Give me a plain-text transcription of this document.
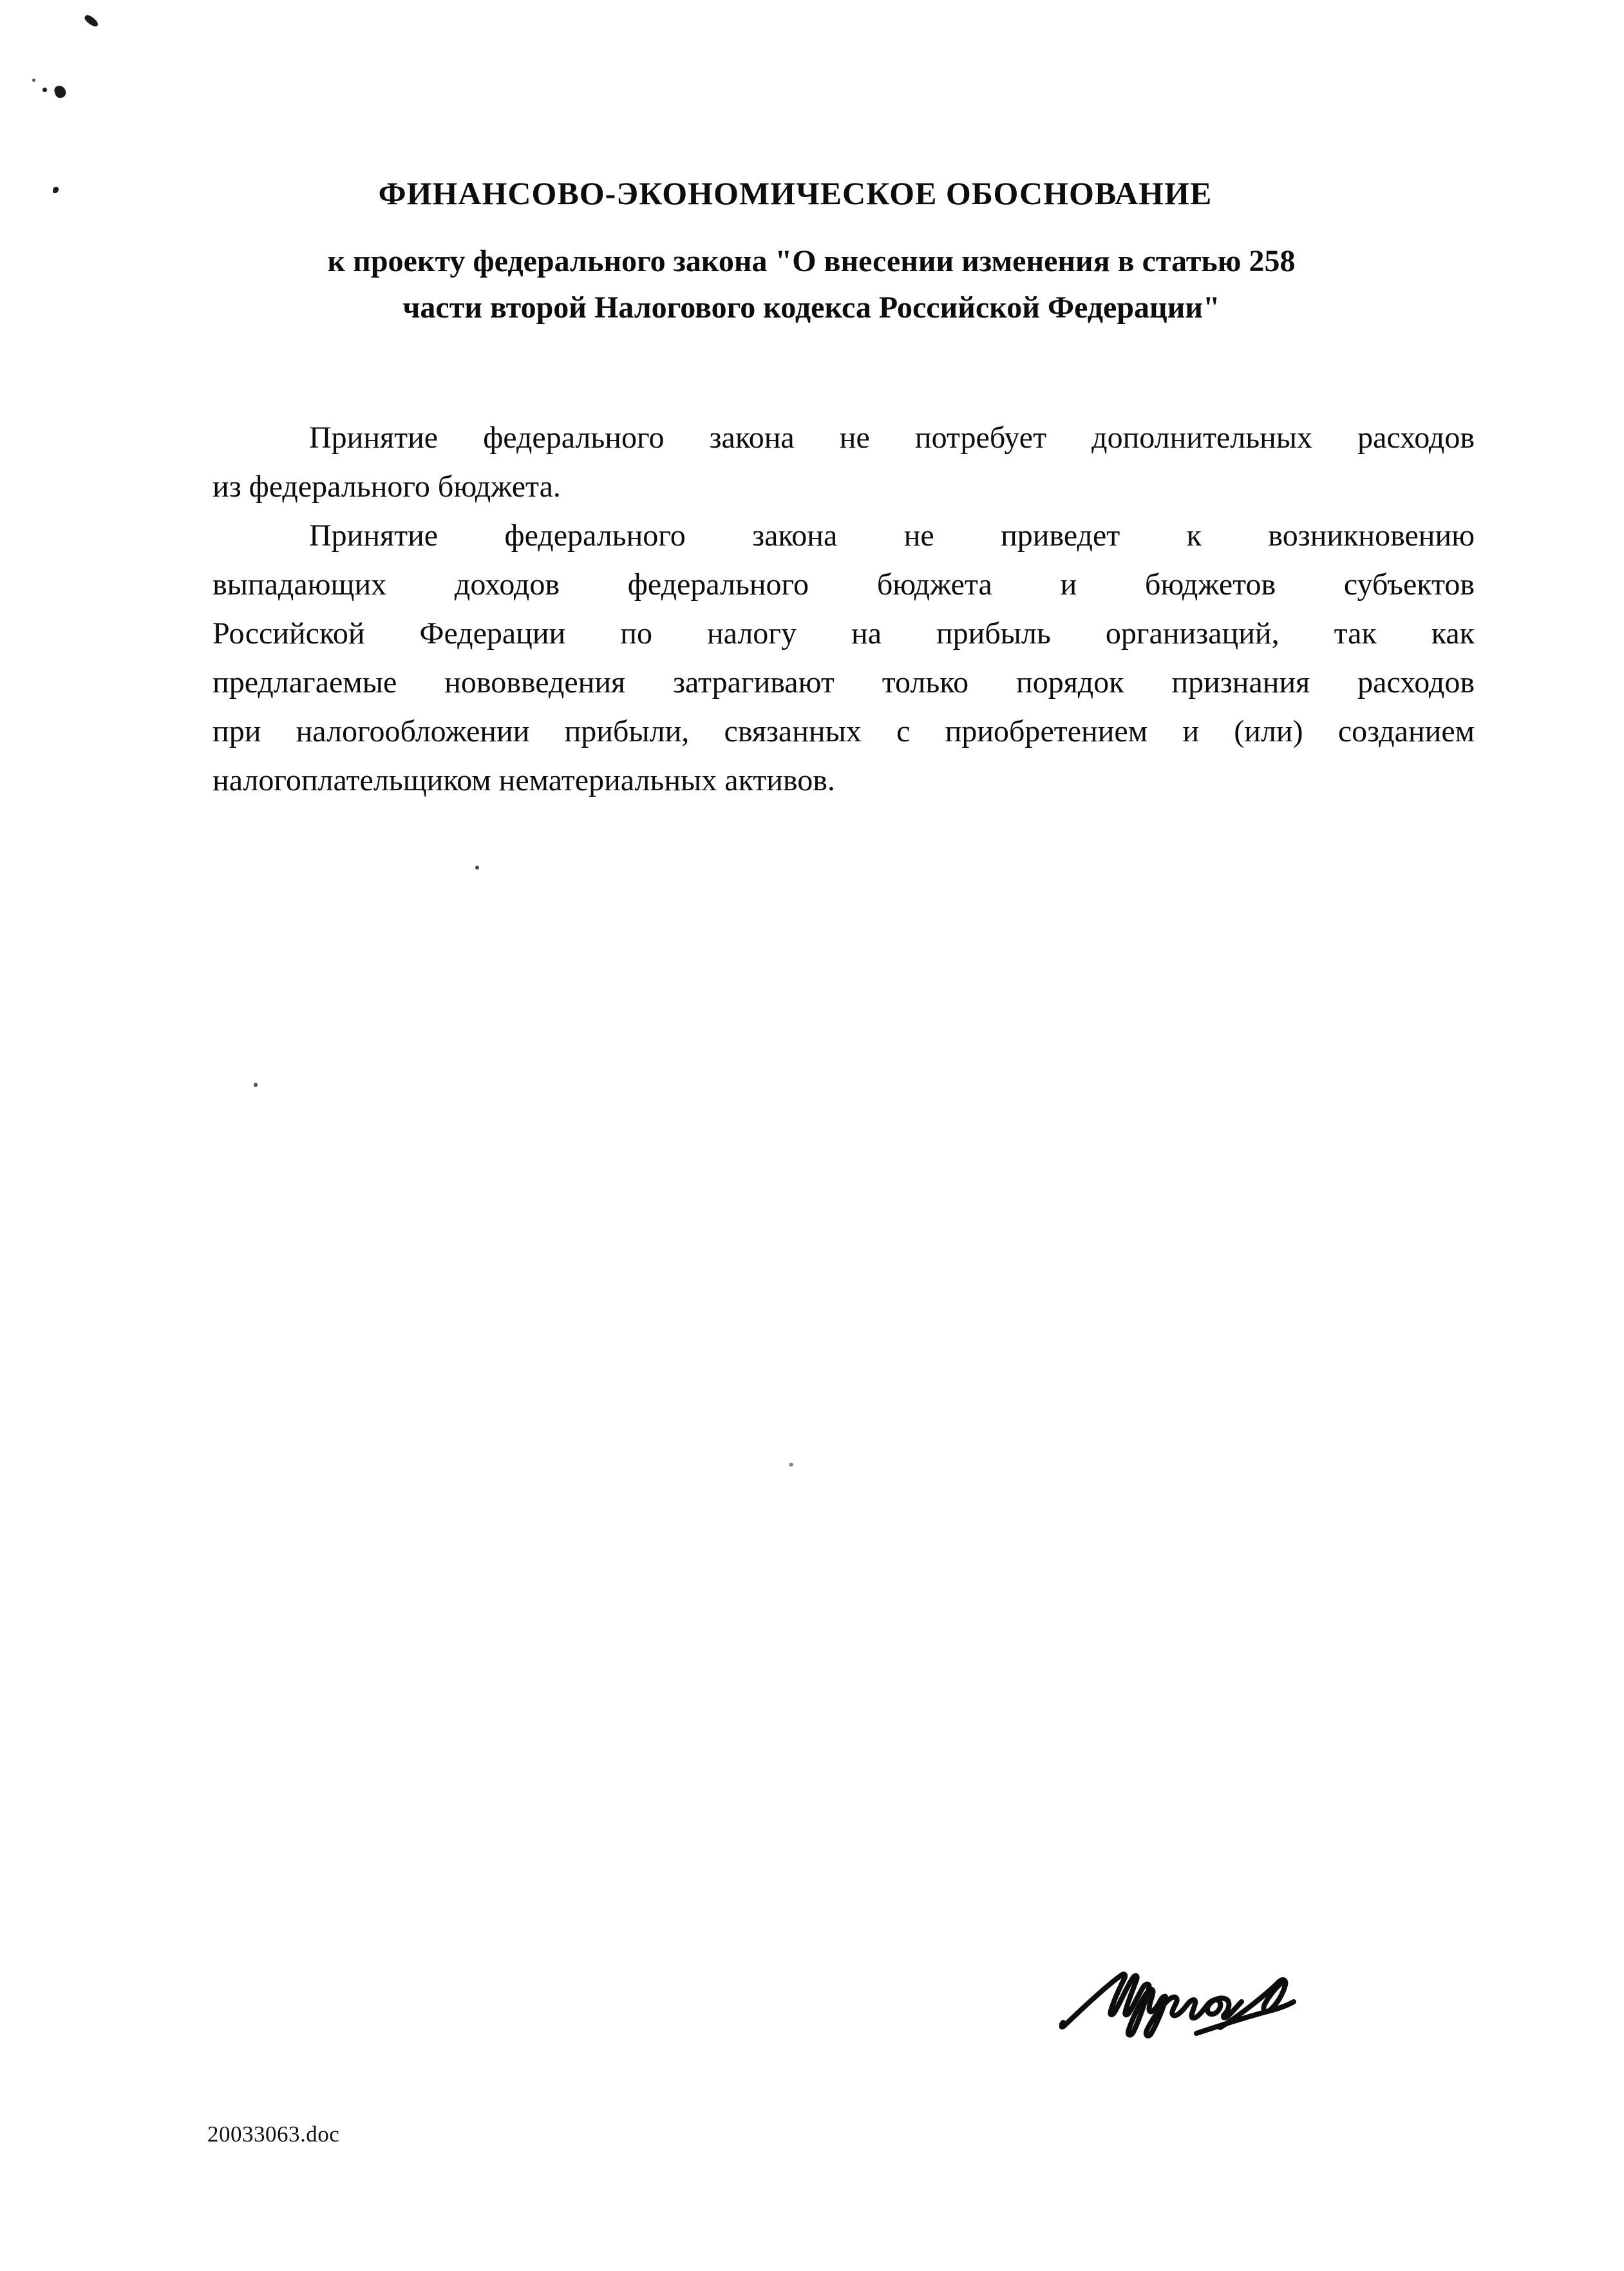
ФИНАНСОВО-ЭКОНОМИЧЕСКОЕ ОБОСНОВАНИЕ
к проекту федерального закона "О внесении изменения в статью 258
части второй Налогового кодекса Российской Федерации"
Принятие федерального закона не потребует дополнительных расходов
из федерального бюджета.
Принятие федерального закона не приведет к возникновению
выпадающих доходов федерального бюджета и бюджетов субъектов
Российской Федерации по налогу на прибыль организаций, так как
предлагаемые нововведения затрагивают только порядок признания расходов
при налогообложении прибыли, связанных с приобретением и (или) созданием
налогоплательщиком нематериальных активов.
20033063.doc
